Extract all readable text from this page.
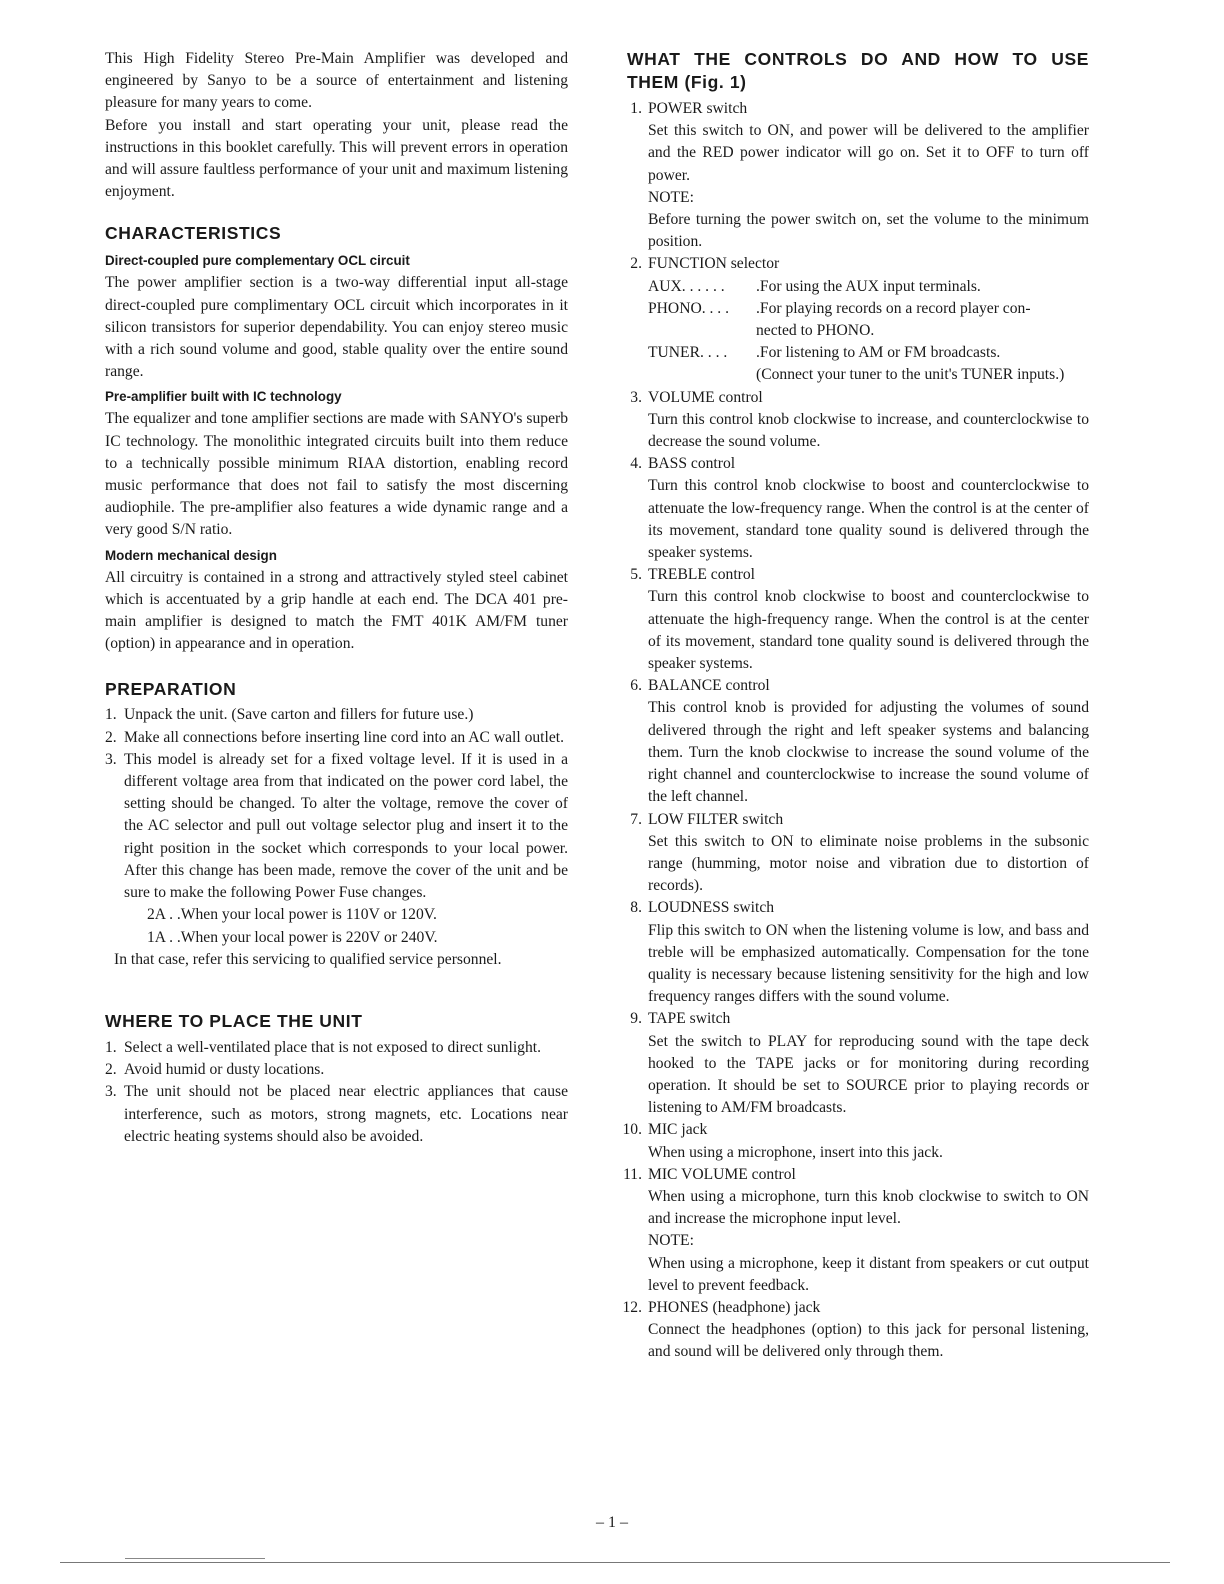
This High Fidelity Stereo Pre-Main Amplifier was developed and engineered by Sanyo to be a source of entertainment and listening pleasure for many years to come.

Before you install and start operating your unit, please read the instructions in this booklet carefully. This will prevent errors in operation and will assure faultless performance of your unit and maximum listening enjoyment.

CHARACTERISTICS
Direct-coupled pure complementary OCL circuit

The power amplifier section is a two-way differential input all-stage direct-coupled pure complimentary OCL circuit which incorporates in it silicon transistors for superior dependability. You can enjoy stereo music with a rich sound volume and good, stable quality over the entire sound range.

Pre-amplifier built with IC technology

The equalizer and tone amplifier sections are made with SANYO's superb IC technology. The monolithic integrated circuits built into them reduce to a technically possible minimum RIAA distortion, enabling record music performance that does not fail to satisfy the most discerning audiophile. The pre-amplifier also features a wide dynamic range and a very good S/N ratio.

Modern mechanical design

All circuitry is contained in a strong and attractively styled steel cabinet which is accentuated by a grip handle at each end. The DCA 401 pre-main amplifier is designed to match the FMT 401K AM/FM tuner (option) in appearance and in operation.

PREPARATION

1. Unpack the unit. (Save carton and fillers for future use.)

2. Make all connections before inserting line cord into an AC wall outlet.

3. This model is already set for a fixed voltage level. If it is used in a different voltage area from that indicated on the power cord label, the setting should be changed. To alter the voltage, remove the cover of the AC selector and pull out voltage selector plug and insert it to the right position in the socket which corresponds to your local power. After this change has been made, remove the cover of the unit and be sure to make the following Power Fuse changes.

2A . .When your local power is 110V or 120V.

1A . .When your local power is 220V or 240V.

In that case, refer this servicing to qualified service personnel.

WHERE TO PLACE THE UNIT

1. Select a well-ventilated place that is not exposed to direct sunlight.

2. Avoid humid or dusty locations.

3. The unit should not be placed near electric appliances that cause interference, such as motors, strong magnets, etc. Locations near electric heating systems should also be avoided.

WHAT THE CONTROLS DO AND HOW TO USE THEM (Fig. 1)

1. POWER switch

Set this switch to ON, and power will be delivered to the amplifier and the RED power indicator will go on. Set it to OFF to turn off power.

NOTE:

Before turning the power switch on, set the volume to the minimum position.

2. FUNCTION selector

AUX. . . . . . .For using the AUX input terminals.

PHONO. . . . .For playing records on a record player con-

nected to PHONO.

TUNER. . . . .For listening to AM or FM broadcasts.

(Connect your tuner to the unit's TUNER inputs.)

3. VOLUME control

Turn this control knob clockwise to increase, and counterclockwise to decrease the sound volume.

4. BASS control

Turn this control knob clockwise to boost and counterclockwise to attenuate the low-frequency range. When the control is at the center of its movement, standard tone quality sound is delivered through the speaker systems.

5. TREBLE control

Turn this control knob clockwise to boost and counterclockwise to attenuate the high-frequency range. When the control is at the center of its movement, standard tone quality sound is delivered through the speaker systems.

6. BALANCE control

This control knob is provided for adjusting the volumes of sound delivered through the right and left speaker systems and balancing them. Turn the knob clockwise to increase the sound volume of the right channel and counterclockwise to increase the sound volume of the left channel.

7. LOW FILTER switch

Set this switch to ON to eliminate noise problems in the subsonic range (humming, motor noise and vibration due to distortion of records).

8. LOUDNESS switch

Flip this switch to ON when the listening volume is low, and bass and treble will be emphasized automatically. Compensation for the tone quality is necessary because listening sensitivity for the high and low frequency ranges differs with the sound volume.

9. TAPE switch

Set the switch to PLAY for reproducing sound with the tape deck hooked to the TAPE jacks or for monitoring during recording operation. It should be set to SOURCE prior to playing records or listening to AM/FM broadcasts.

10. MIC jack

When using a microphone, insert into this jack.

11. MIC VOLUME control

When using a microphone, turn this knob clockwise to switch to ON and increase the microphone input level.

NOTE:

When using a microphone, keep it distant from speakers or cut output level to prevent feedback.

12. PHONES (headphone) jack

Connect the headphones (option) to this jack for personal listening, and sound will be delivered only through them.

– 1 –
